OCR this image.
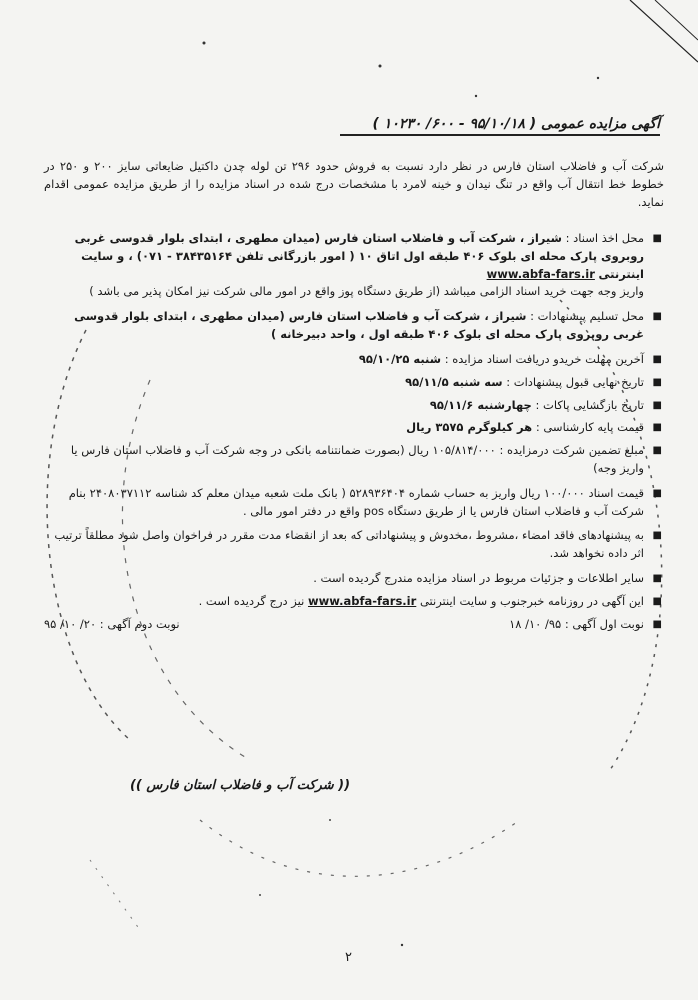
آگهی مزایده عمومی ( ۹۵/۱۰/۱۸ - ۶۰۰/ ۱۰۲۳۰ )
شرکت آب و فاضلاب استان فارس در نظر دارد نسبت به فروش حدود ۲۹۶ تن لوله چدن داکتیل ضایعاتی سایز ۲۰۰ و ۲۵۰ در خطوط خط انتقال آب واقع در تنگ نیدان و خینه لامرد با مشخصات درج شده در اسناد مزایده را از طریق مزایده عمومی اقدام نماید.
■
محل اخذ اسناد : شیراز ، شرکت آب و فاضلاب استان فارس (میدان مطهری ، ابتدای بلوار قدوسی غربی روبروی پارک محله ای بلوک ۴۰۶ طبقه اول اتاق ۱۰ ( امور بازرگانی تلفن ۳۸۴۳۵۱۶۴ - ۰۷۱) ، و سایت اینترنتی www.abfa-fars.ir
واریز وجه جهت خرید اسناد الزامی میباشد (از طریق دستگاه پوز واقع در امور مالی شرکت نیز امکان پذیر می باشد )
■
محل تسلیم پیشنهادات : شیراز ، شرکت آب و فاضلاب استان فارس (میدان مطهری ، ابتدای بلوار قدوسی غربی روبروی پارک محله ای بلوک ۴۰۶ طبقه اول ، واحد دبیرخانه )
■
آخرین مهلت خریدو دریافت اسناد مزایده : شنبه ۹۵/۱۰/۲۵
■
تاریخ نهایی قبول پیشنهادات : سه شنبه ۹۵/۱۱/۵
■
تاریخ بازگشایی پاکات : چهارشنبه ۹۵/۱۱/۶
■
قیمت پایه کارشناسی : هر کیلوگرم ۳۵۷۵ ریال
■
مبلغ تضمین شرکت درمزایده : ۱۰۵/۸۱۴/۰۰۰ ریال (بصورت ضمانتنامه بانکی در وجه شرکت آب و فاضلاب استان فارس یا واریز وجه)
■
قیمت اسناد ۱۰۰/۰۰۰ ریال واریز به حساب شماره ۵۲۸۹۳۶۴۰۴ ( بانک ملت شعبه میدان معلم کد شناسه ۲۴۰۸۰۳۷۱۱۲ بنام شرکت آب و فاضلاب استان فارس یا از طریق دستگاه pos واقع در دفتر امور مالی .
■
به پیشنهادهای فاقد امضاء ،مشروط ،مخدوش و پیشنهاداتی که بعد از انقضاء مدت مقرر در فراخوان واصل شود مطلقاً ترتیب اثر داده نخواهد شد.
■
سایر اطلاعات و جزئیات مربوط در اسناد مزایده مندرج گردیده است .
■
این آگهی در روزنامه خبرجنوب و سایت اینترنتی www.abfa-fars.ir نیز درج گردیده است .
■
نوبت اول آگهی : ۹۵/ ۱۰/ ۱۸
نوبت دوم آگهی : ۲۰/ ۱۰/ ۹۵
(( شرکت آب و فاضلاب استان فارس ))
۲
